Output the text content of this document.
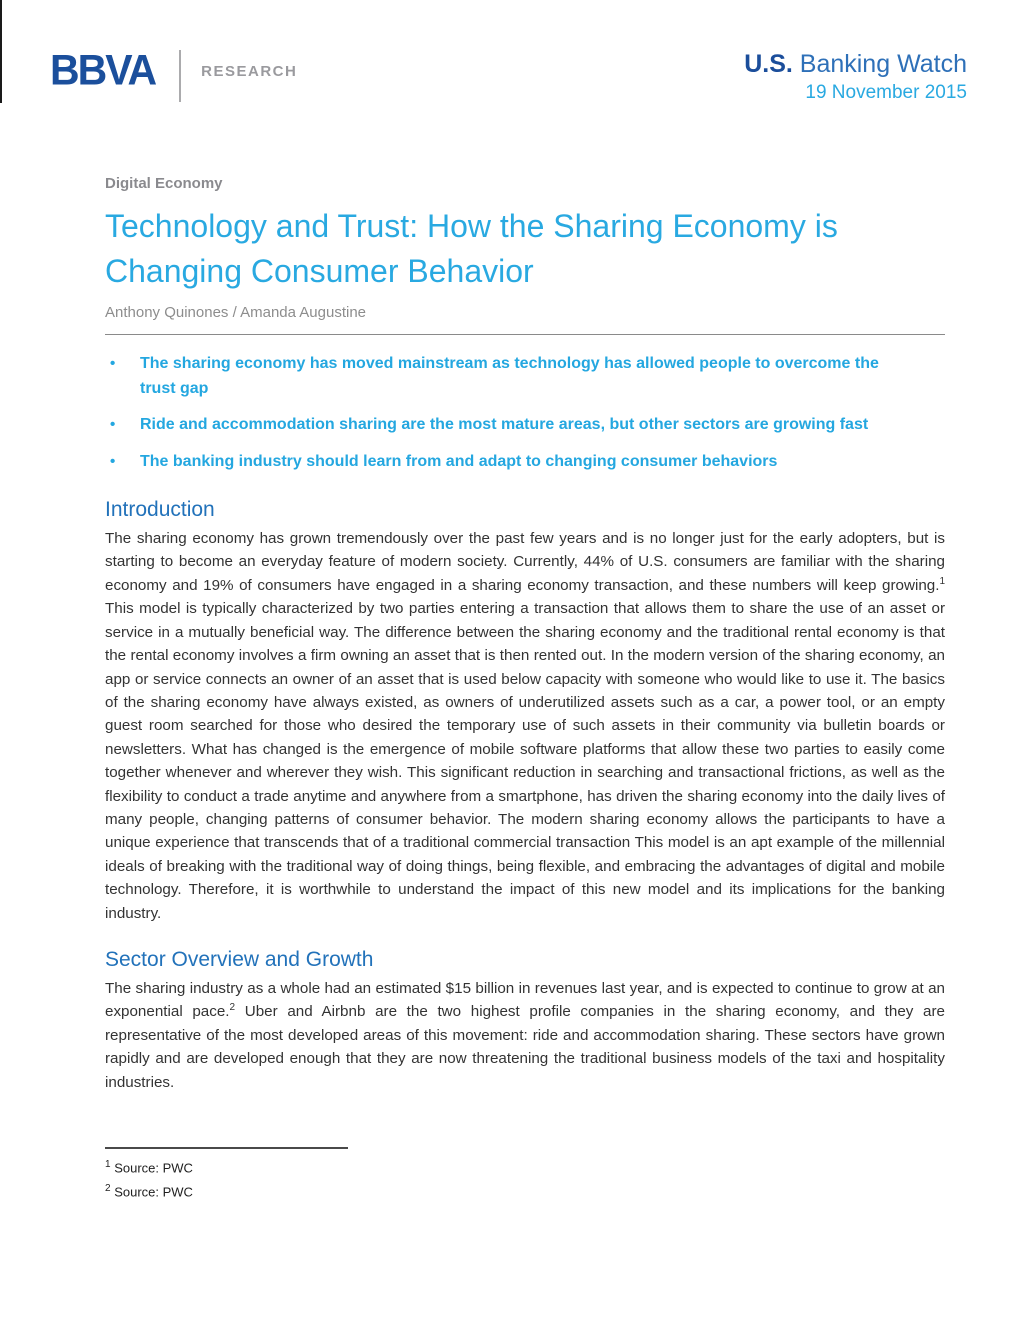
BBVA	RESEARCH	U.S. Banking Watch
19 November 2015
Digital Economy
Technology and Trust: How the Sharing Economy is Changing Consumer Behavior
Anthony Quinones / Amanda Augustine
• The sharing economy has moved mainstream as technology has allowed people to overcome the trust gap
• Ride and accommodation sharing are the most mature areas, but other sectors are growing fast
• The banking industry should learn from and adapt to changing consumer behaviors
Introduction

The sharing economy has grown tremendously over the past few years and is no longer just for the early adopters, but is starting to become an everyday feature of modern society. Currently, 44% of U.S. consumers are familiar with the sharing economy and 19% of consumers have engaged in a sharing economy transaction, and these numbers will keep growing.$^1$ This model is typically characterized by two parties entering a transaction that allows them to share the use of an asset or service in a mutually beneficial way. The difference between the sharing economy and the traditional rental economy is that the rental economy involves a firm owning an asset that is then rented out. In the modern version of the sharing economy, an app or service connects an owner of an asset that is used below capacity with someone who would like to use it. The basics of the sharing economy have always existed, as owners of underutilized assets such as a car, a power tool, or an empty guest room searched for those who desired the temporary use of such assets in their community via bulletin boards or newsletters. What has changed is the emergence of mobile software platforms that allow these two parties to easily come together whenever and wherever they wish. This significant reduction in searching and transactional frictions, as well as the flexibility to conduct a trade anytime and anywhere from a smartphone, has driven the sharing economy into the daily lives of many people, changing patterns of consumer behavior. The modern sharing economy allows the participants to have a unique experience that transcends that of a traditional commercial transaction This model is an apt example of the millennial ideals of breaking with the traditional way of doing things, being flexible, and embracing the advantages of digital and mobile technology. Therefore, it is worthwhile to understand the impact of this new model and its implications for the banking industry.

Sector Overview and Growth

The sharing industry as a whole had an estimated $15 billion in revenues last year, and is expected to continue to grow at an exponential pace.$^2$ Uber and Airbnb are the two highest profile companies in the sharing economy, and they are representative of the most developed areas of this movement: ride and accommodation sharing. These sectors have grown rapidly and are developed enough that they are now threatening the traditional business models of the taxi and hospitality industries.

$^1$ Source: PWC
$^2$ Source: PWC
